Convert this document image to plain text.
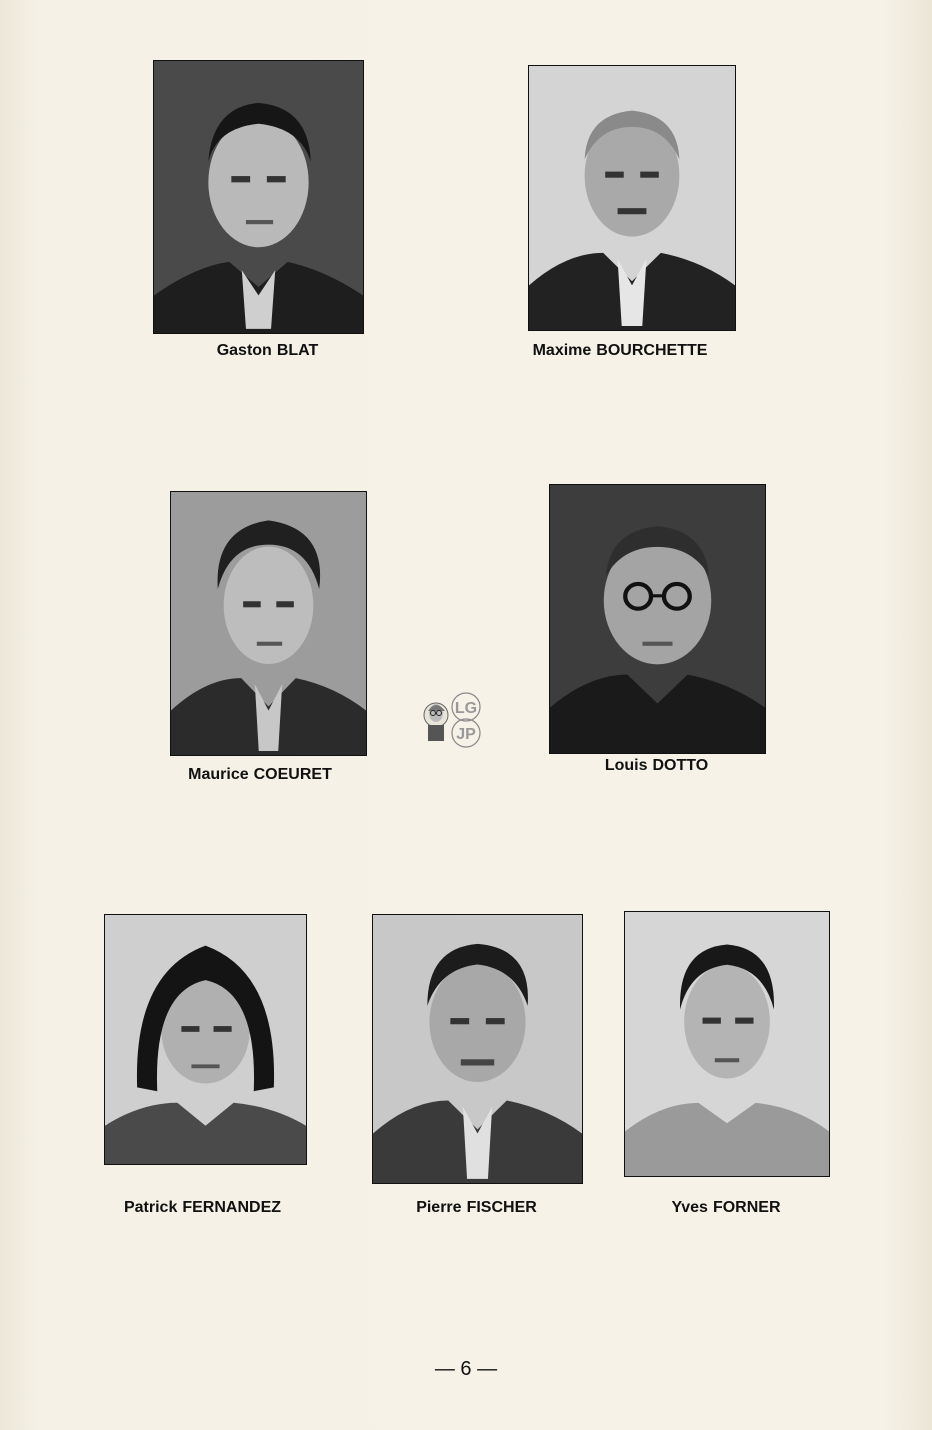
Gaston BLAT	Maxime BOURCHETTE
Maurice COEURET
Louis DOTTO
LG
JP
Patrick FERNANDEZ	Pierre FISCHER	Yves FORNER
— 6 —
